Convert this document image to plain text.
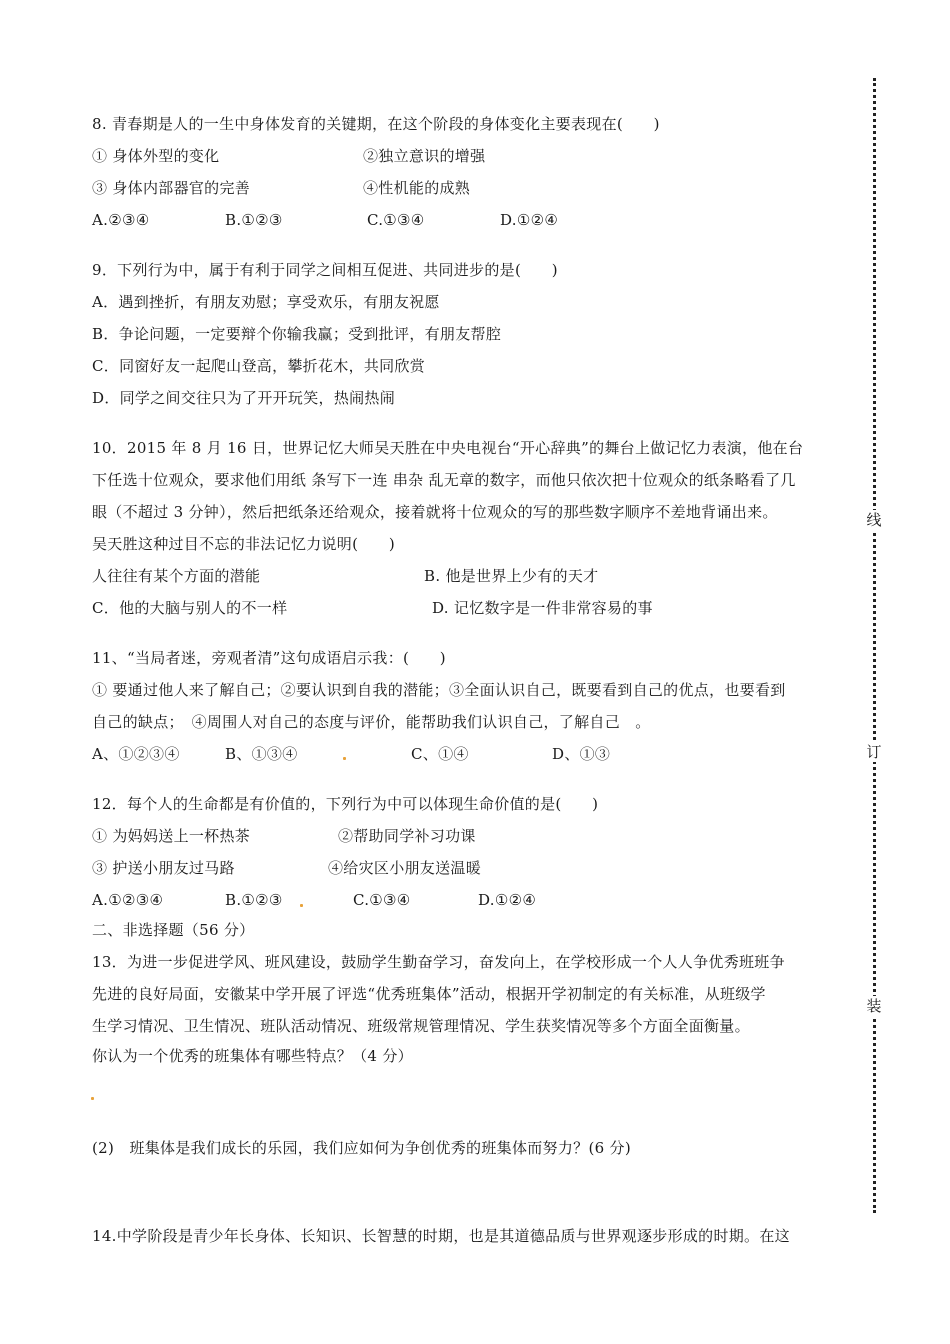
8. 青春期是人的一生中身体发育的关键期，在这个阶段的身体变化主要表现在(　　)
① 身体外型的变化	②独立意识的增强
③ 身体内部器官的完善	④性机能的成熟
A.②③④	B.①②③	C.①③④	D.①②④
9．下列行为中，属于有利于同学之间相互促进、共同进步的是(　　)
A．遇到挫折，有朋友劝慰；享受欢乐，有朋友祝愿
B．争论问题，一定要辩个你输我赢；受到批评，有朋友帮腔
C．同窗好友一起爬山登高，攀折花木，共同欣赏
D．同学之间交往只为了开开玩笑，热闹热闹
10．2015 年 8 月 16 日，世界记忆大师吴天胜在中央电视台“开心辞典”的舞台上做记忆力表演，他在台
下任选十位观众，要求他们用纸 条写下一连 串杂 乱无章的数字，而他只依次把十位观众的纸条略看了几
眼（不超过 3 分钟），然后把纸条还给观众，接着就将十位观众的写的那些数字顺序不差地背诵出来。
吴天胜这种过目不忘的非法记忆力说明(　　)
人往往有某个方面的潜能	B. 他是世界上少有的天才
C．他的大脑与别人的不一样	D. 记忆数字是一件非常容易的事
11、“当局者迷，旁观者清”这句成语启示我：(　　)
① 要通过他人来了解自己；②要认识到自我的潜能；③全面认识自己，既要看到自己的优点，也要看到
自己的缺点；　④周围人对自己的态度与评价，能帮助我们认识自己，了解自己　。
A、①②③④	B、①③④	C、①④	D、①③
12．每个人的生命都是有价值的，下列行为中可以体现生命价值的是(　　)
① 为妈妈送上一杯热茶	②帮助同学补习功课
③ 护送小朋友过马路	④给灾区小朋友送温暖
A.①②③④	B.①②③	C.①③④	D.①②④
二、非选择题（56 分）
13．为进一步促进学风、班风建设，鼓励学生勤奋学习，奋发向上，在学校形成一个人人争优秀班班争
先进的良好局面，安徽某中学开展了评选“优秀班集体”活动，根据开学初制定的有关标准，从班级学
生学习情况、卫生情况、班队活动情况、班级常规管理情况、学生获奖情况等多个方面全面衡量。
你认为一个优秀的班集体有哪些特点？（4 分）
(2)　班集体是我们成长的乐园，我们应如何为争创优秀的班集体而努力？(6 分)
14.中学阶段是青少年长身体、长知识、长智慧的时期，也是其道德品质与世界观逐步形成的时期。在这
线
订
装
